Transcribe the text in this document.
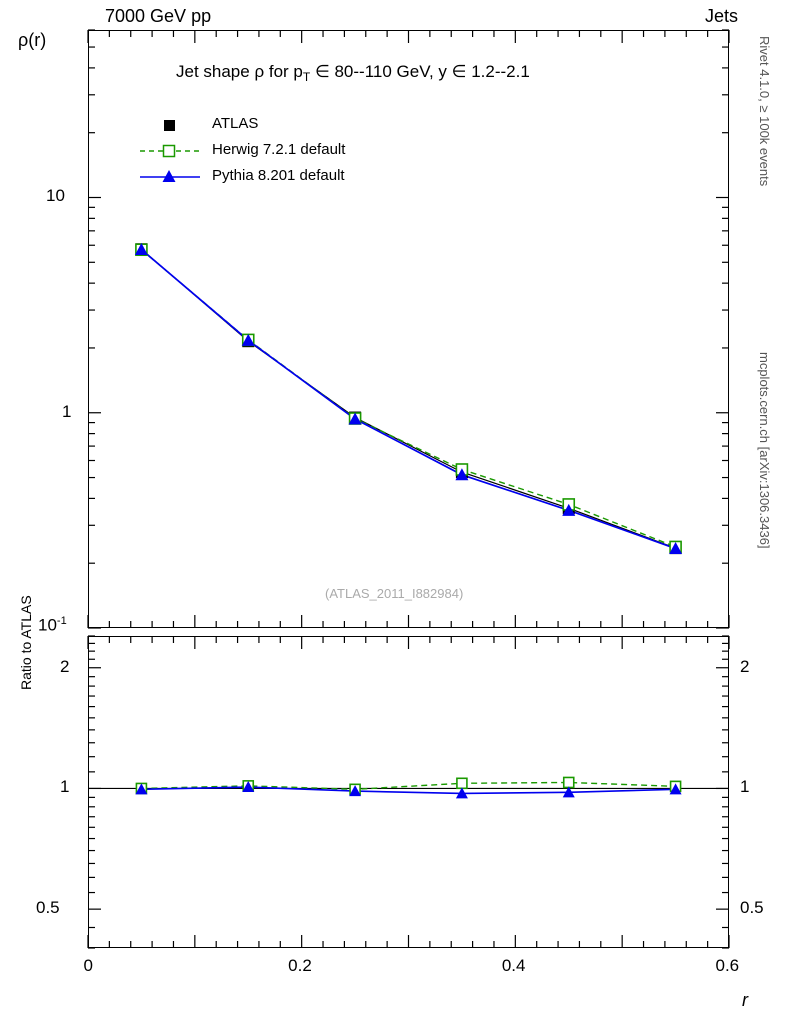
7000 GeV pp	Jets
Rivet 4.1.0, ≥ 100k events
mcplots.cern.ch [arXiv:1306.3436]
ρ(r)
r
Ratio to ATLAS
Jet shape ρ for $p_T$ ∈ 80--110 GeV, y ∈ 1.2--2.1
(ATLAS_2011_I882984)
ATLAS
Herwig 7.2.1 default
Pythia 8.201 default
10
1
$10^{-1}$
2
1
0.5
2
1
0.5
0	0.2	0.4	0.6
